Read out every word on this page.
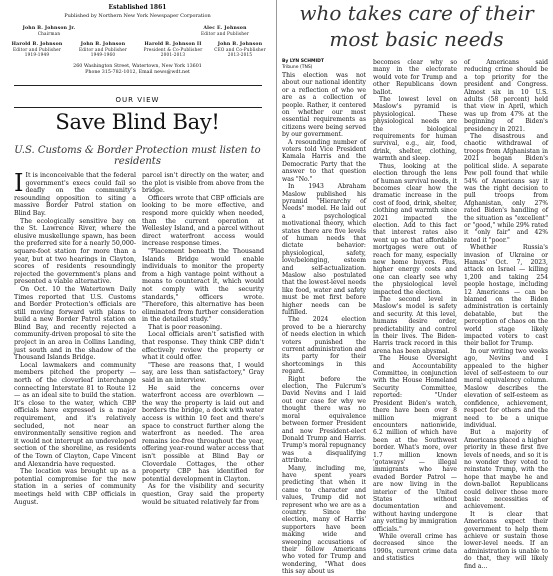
Established 1861
Published by Northern New York Newspaper Corporation
John B. Johnson Jr.
Chairman
Alec E. Johnson
Editor and Publisher
Harold B. Johnson
Editor and Publisher
1919-1949
John B. Johnson
Editor and Publisher
1949-1960
Harold B. Johnson II
President & Co-Publisher
2001-2013
John B. Johnson
CEO and Co-Publisher
2013-2015
260 Washington Street, Watertown, New York 13601
Phone 315-782-1012, Email news@wdt.net
OUR VIEW
Save Blind Bay!
U.S. Customs & Border Protection must listen to residents

I It is inconceivable that the federal government's execs could fail so deafly on the community's resounding opposition to siting a massive Border Patrol station on Blind Bay.

The ecologically sensitive bay on the St. Lawrence River, where the elusive muskellunge spawn, has been the preferred site for a nearly 50,000-square-foot station for more than a year, but at two hearings in Clayton, scores of residents resoundingly rejected the government's plans and presented a viable alternative.

On Oct. 10 the Watertown Daily Times reported that U.S. Customs and Border Protection's officials are still moving forward with plans to build a new Border Patrol station on Blind Bay, and recently rejected a community-driven proposal to site the project in an area in Collins Landing, just south and in the shadow of the Thousand Islands Bridge.

Local lawmakers and community members pitched the property — north of the cloverleaf interchange connecting Interstate 81 to Route 12 — as an ideal site to build the station. It's close to the water, which CBP officials have expressed is a major requirement, and it's relatively secluded, not near an environmentally sensitive region and it would not interrupt an undeveloped section of the shoreline, as residents of the Town of Clayton, Cape Vincent and Alexandria have requested.

The location was brought up as a potential compromise for the new station in a series of community meetings held with CBP officials in August.

parcel isn't directly on the water, and the plot is visible from above from the bridge.

Officers wrote that CBP officials are looking to be more effective, and respond more quickly when needed, than the current operation at Wellesley Island, and a parcel without direct waterfront access would increase response times.

"Placement beneath the Thousand Islands Bridge would enable individuals to monitor the property from a high vantage point without a means to counteract it, which would not comply with the security standards," officers wrote. "Therefore, this alternative has been eliminated from further consideration in the detailed study."

That is poor reasoning.

Local officials aren't satisfied with that response. They think CBP didn't effectively review the property or what it could offer.

"These are reasons that, I would say, are less than satisfactory," Gray said in an interview.

He said the concerns over waterfront access are overblown — the way the property is laid out and borders the bridge, a dock with water access is within 10 feet and there's space to construct further along the waterfront as needed. The area remains ice-free throughout the year, offering year-round water access that isn't possible at Blind Bay or Cloverdale Cottages, the other property CBP has identified for potential development in Clayton.

As for the visibility and security question, Gray said the property would be situated relatively far from

who takes care of their
most basic needs
By LYN SCHMIDT
Tribune (TNS)

This election was not about our national identity or a reflection of who we are as a collection of people. Rather, it centered on whether our most essential requirements as citizens were being served by our government.

A resounding number of voters told Vice President Kamala Harris and the Democratic Party that the answer to that question was "No."

In 1943 Abraham Maslow published his pyramid "Hierarchy of Needs" model. He laid out a psychological motivational theory, which states there are five levels of human needs that dictate behavior: physiological, safety, love/belonging, esteem and self-actualization. Maslow also postulated that the lowest-level needs like food, water and safety must be met first before higher needs can be fulfilled.

The 2024 election proved to be a hierarchy of needs election in which voters punished the current administration and its party for their shortcomings in this regard.

Right before the election, The Fulcrum's David Nevins and I laid out our case for why we thought there was no moral equivalence between former President and now President-elect Donald Trump and Harris. Trump's moral repugnancy was a disqualifying attribute.

Many, including me, have spent years predicting that when it came to character and values, Trump did not represent who we are as a country. Since the election, many of Harris' supporters have been making wide and sweeping accusations of their fellow Americans who voted for Trump and wondering, "What does this say about us

becomes clear why so many in the electorate would vote for Trump and other Republicans down ballot.

The lowest level on Maslow's pyramid is physiological. These physiological needs are the biological requirements for human survival, e.g., air, food, drink, shelter, clothing, warmth and sleep.

Thus, looking at the election through the lens of human survival needs, it becomes clear how the dramatic increase in the cost of food, drink, shelter, clothing and warmth since 2021 impacted the election. Add to this fact that interest rates also went up so that affordable mortgages were out of reach for many, especially new home buyers. Plus, higher energy costs and one can clearly see why the physiological level impacted the election.

The second level in Maslow's model is safety and security. At this level, humans desire order, predictability and control in their lives. The Biden-Harris track record in this arena has been abysmal.

The House Oversight and Accountability Committee, in conjunction with the House Homeland Security Committee, reported: "Under President Biden's watch, there have been over 8 million migrant encounters nationwide, 6.2 million of which have been at the Southwest border. What's more, over 1.7 million known 'gotaways' — illegal immigrants who have evaded Border Patrol — are now living in the interior of the United States without documentation and without having undergone any vetting by immigration officials."

While overall crime has decreased since the 1990s, current crime data and statistics

of Americans said reducing crime should be a top priority for the president and Congress. Almost six in 10 U.S. adults (58 percent) held that view in April, which was up from 47% at the beginning of Biden's presidency in 2021.

The disastrous and chaotic withdrawal of troops from Afghanistan in 2021 began Biden's political slide. A separate Pew poll found that while 54% of Americans say it was the right decision to pull troops from Afghanistan, only 27% rated Biden's handling of the situation as "excellent" or "good," while 29% rated it "only fair" and 42% rated it "poor."

Whether Russia's invasion of Ukraine or Hamas' Oct. 7, 2023, attack on Israel — killing 1,200 and taking 254 people hostage, including 12 Americans — can be blamed on the Biden administration is certainly debatable, but the perception of chaos on the world stage likely impacted voters to cast their ballot for Trump.

In our writing two weeks ago, Nevins and I appealed to the higher level of self-esteem to our moral equivalency column. Maslow describes the elevation of self-esteem as confidence, achievement, respect for others and the need to be a unique individual.

But a majority of Americans placed a higher priority in these first five levels of needs, and so it is no wonder they voted to reinstate Trump, with the hope that maybe he and down-ballot Republicans could deliver those more basic necessities of achievement.

It is clear that Americans expect their government to help them achieve or sustain those lower-level needs. If an administration is unable to do that, they will likely find a...
